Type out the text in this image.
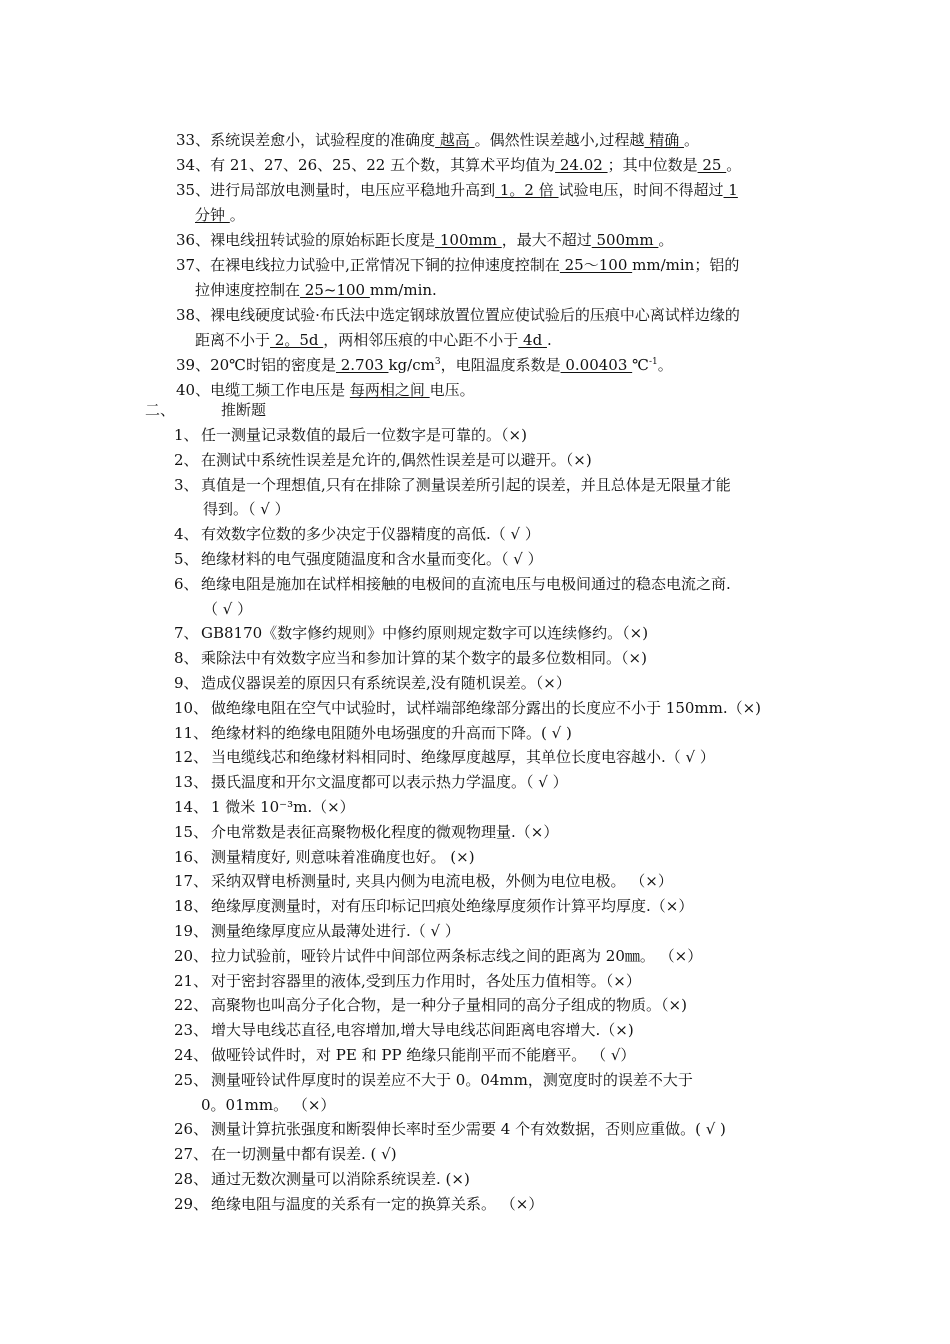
33、系统误差愈小，试验程度的准确度 越高 。偶然性误差越小,过程越 精确 。
34、有 21、27、26、25、22 五个数，其算术平均值为 24.02 ；其中位数是 25 。
35、进行局部放电测量时，电压应平稳地升高到 1。2 倍 试验电压，时间不得超过 1
分钟 。
36、裸电线扭转试验的原始标距长度是 100mm ，最大不超过 500mm 。
37、在裸电线拉力试验中,正常情况下铜的拉伸速度控制在 25～100 mm/min；铝的
拉伸速度控制在 25~100 mm/min.
38、裸电线硬度试验·布氏法中选定钢球放置位置应使试验后的压痕中心离试样边缘的
距离不小于 2。5d ，两相邻压痕的中心距不小于 4d .
39、20℃时铝的密度是 2.703 $kg/cm^3$，电阻温度系数是 0.00403 ℃$^{-1}$。
40、电缆工频工作电压是 每两相之间 电压。
二、	推断题
1、 任一测量记录数值的最后一位数字是可靠的。（×)
2、 在测试中系统性误差是允许的,偶然性误差是可以避开。（×)
3、 真值是一个理想值,只有在排除了测量误差所引起的误差，并且总体是无限量才能
得到。（ √ ）
4、 有效数字位数的多少决定于仪器精度的高低.（ √ ）
5、 绝缘材料的电气强度随温度和含水量而变化。（ √ ）
6、 绝缘电阻是施加在试样相接触的电极间的直流电压与电极间通过的稳态电流之商.
（ √ ）
7、 GB8170《数字修约规则》中修约原则规定数字可以连续修约。（×)
8、 乘除法中有效数字应当和参加计算的某个数字的最多位数相同。（×)
9、 造成仪器误差的原因只有系统误差,没有随机误差。（×）
10、 做绝缘电阻在空气中试验时，试样端部绝缘部分露出的长度应不小于 150mm.（×)
11、 绝缘材料的绝缘电阻随外电场强度的升高而下降。( √ )
12、 当电缆线芯和绝缘材料相同时、绝缘厚度越厚，其单位长度电容越小.（ √ ）
13、 摄氏温度和开尔文温度都可以表示热力学温度。（ √ ）
14、 1 微米 10⁻³m.（×）
15、 介电常数是表征高聚物极化程度的微观物理量.（×）
16、 测量精度好, 则意味着准确度也好。 (×)
17、 采纳双臂电桥测量时, 夹具内侧为电流电极，外侧为电位电极。 （×）
18、 绝缘厚度测量时，对有压印标记凹痕处绝缘厚度须作计算平均厚度.（×）
19、 测量绝缘厚度应从最薄处进行.（ √ ）
20、 拉力试验前，哑铃片试件中间部位两条标志线之间的距离为 20㎜。 （×）
21、 对于密封容器里的液体,受到压力作用时，各处压力值相等。（×）
22、 高聚物也叫高分子化合物，是一种分子量相同的高分子组成的物质。（×)
23、 增大导电线芯直径,电容增加,增大导电线芯间距离电容增大.（×)
24、 做哑铃试件时，对 PE 和 PP 绝缘只能削平而不能磨平。 （ √）
25、 测量哑铃试件厚度时的误差应不大于 0。04mm，测宽度时的误差不大于
0。01mm。 （×）
26、 测量计算抗张强度和断裂伸长率时至少需要 4 个有效数据，否则应重做。( √ )
27、 在一切测量中都有误差. ( √)
28、 通过无数次测量可以消除系统误差. (×)
29、 绝缘电阻与温度的关系有一定的换算关系。 （×）
